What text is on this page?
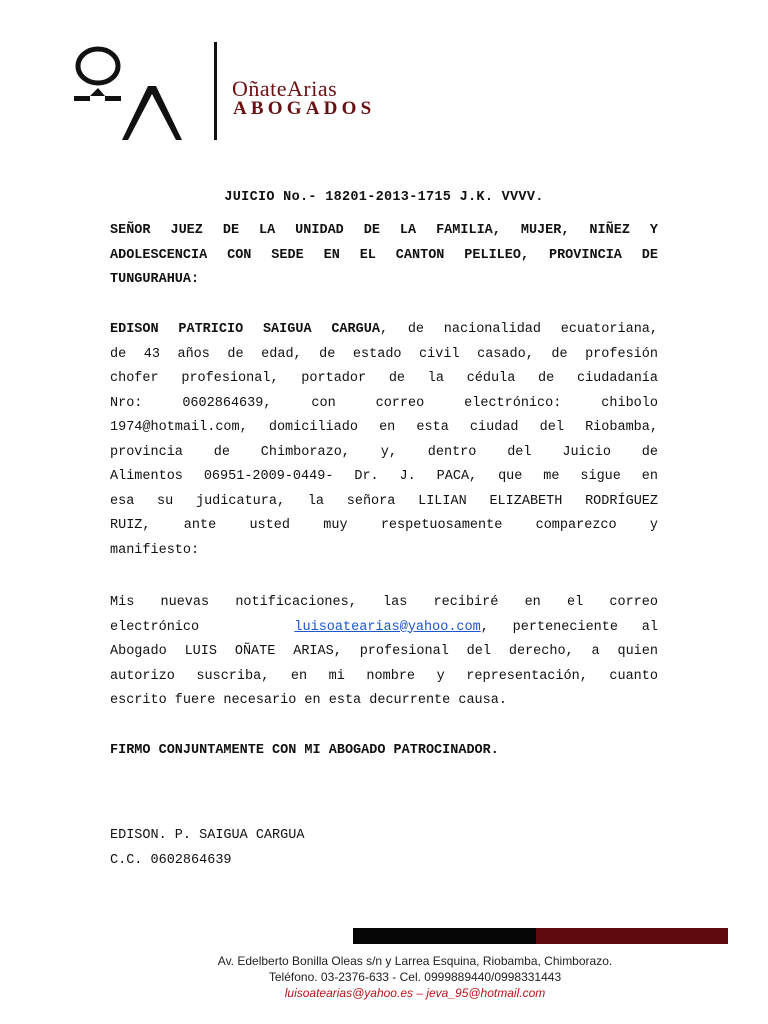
OñateArias
ABOGADOS
JUICIO No.- 18201-2013-1715 J.K. VVVV.
SEÑOR JUEZ DE LA UNIDAD DE LA FAMILIA, MUJER, NIÑEZ Y
ADOLESCENCIA CON SEDE EN EL CANTON PELILEO, PROVINCIA DE
TUNGURAHUA:
EDISON PATRICIO SAIGUA CARGUA, de nacionalidad ecuatoriana,
de 43 años de edad, de estado civil casado, de profesión
chofer profesional, portador de la cédula de ciudadanía
Nro: 0602864639, con correo electrónico: chibolo
1974@hotmail.com, domiciliado en esta ciudad del Riobamba,
provincia de Chimborazo, y, dentro del Juicio de
Alimentos 06951-2009-0449- Dr. J. PACA, que me sigue en
esa su judicatura, la señora LILIAN ELIZABETH RODRÍGUEZ
RUIZ, ante usted muy respetuosamente comparezco y
manifiesto:
Mis nuevas notificaciones, las recibiré en el correo
electrónico	luisoatearias@yahoo.com, perteneciente al
Abogado LUIS OÑATE ARIAS, profesional del derecho, a quien
autorizo suscriba, en mi nombre y representación, cuanto
escrito fuere necesario en esta decurrente causa.
FIRMO CONJUNTAMENTE CON MI ABOGADO PATROCINADOR.
EDISON. P. SAIGUA CARGUA
C.C. 0602864639
Av. Edelberto Bonilla Oleas s/n y Larrea Esquina, Riobamba, Chimborazo.
Teléfono. 03-2376-633 - Cel. 0999889440/0998331443
luisoatearias@yahoo.es – jeva_95@hotmail.com
